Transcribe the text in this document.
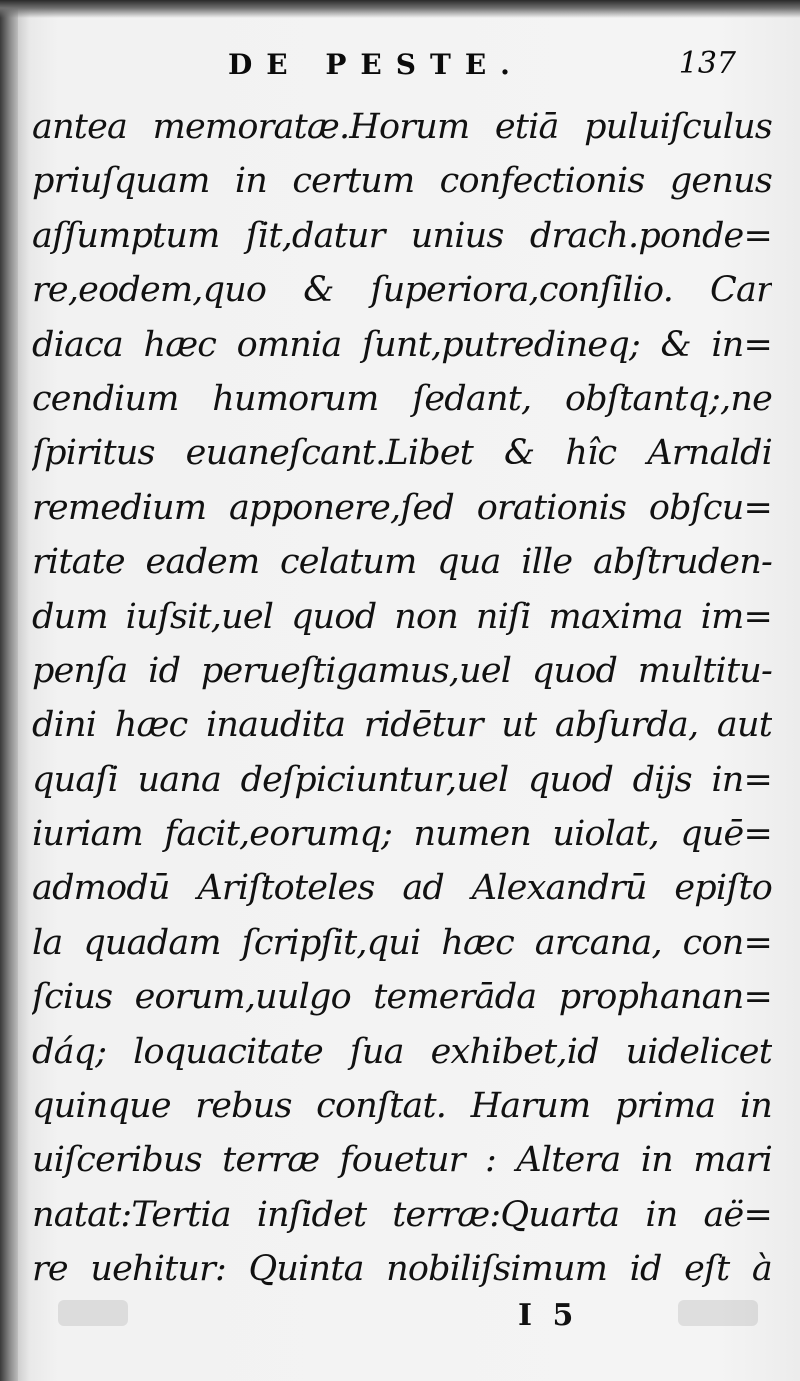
DE PESTE.	137
antea memoratæ.Horum etiā puluiſculus
priuſquam in certum confectionis genus
aſſumptum ſit,datur unius drach.ponde=
re,eodem,quo & ſuperiora,conſilio. Car
diaca hæc omnia ſunt,putredineq; & in=
cendium humorum ſedant, obſtantq;,ne
ſpiritus euaneſcant.Libet & hîc Arnaldi
remedium apponere,ſed orationis obſcu=
ritate eadem celatum qua ille abſtruden-
dum iuſsit,uel quod non niſi maxima im=
penſa id perueſtigamus,uel quod multitu-
dini hæc inaudita ridētur ut abſurda, aut
quaſi uana deſpiciuntur,uel quod dijs in=
iuriam facit,eorumq; numen uiolat, quē=
admodū Ariſtoteles ad Alexandrū epiſto
la quadam ſcripſit,qui hæc arcana, con=
ſcius eorum,uulgo temerāda prophanan=
dáq; loquacitate ſua exhibet,id uidelicet
quinque rebus conſtat. Harum prima in
uiſceribus terræ fouetur : Altera in mari
natat:Tertia inſidet terræ:Quarta in aë=
re uehitur: Quinta nobiliſsimum id eſt à
I 5
